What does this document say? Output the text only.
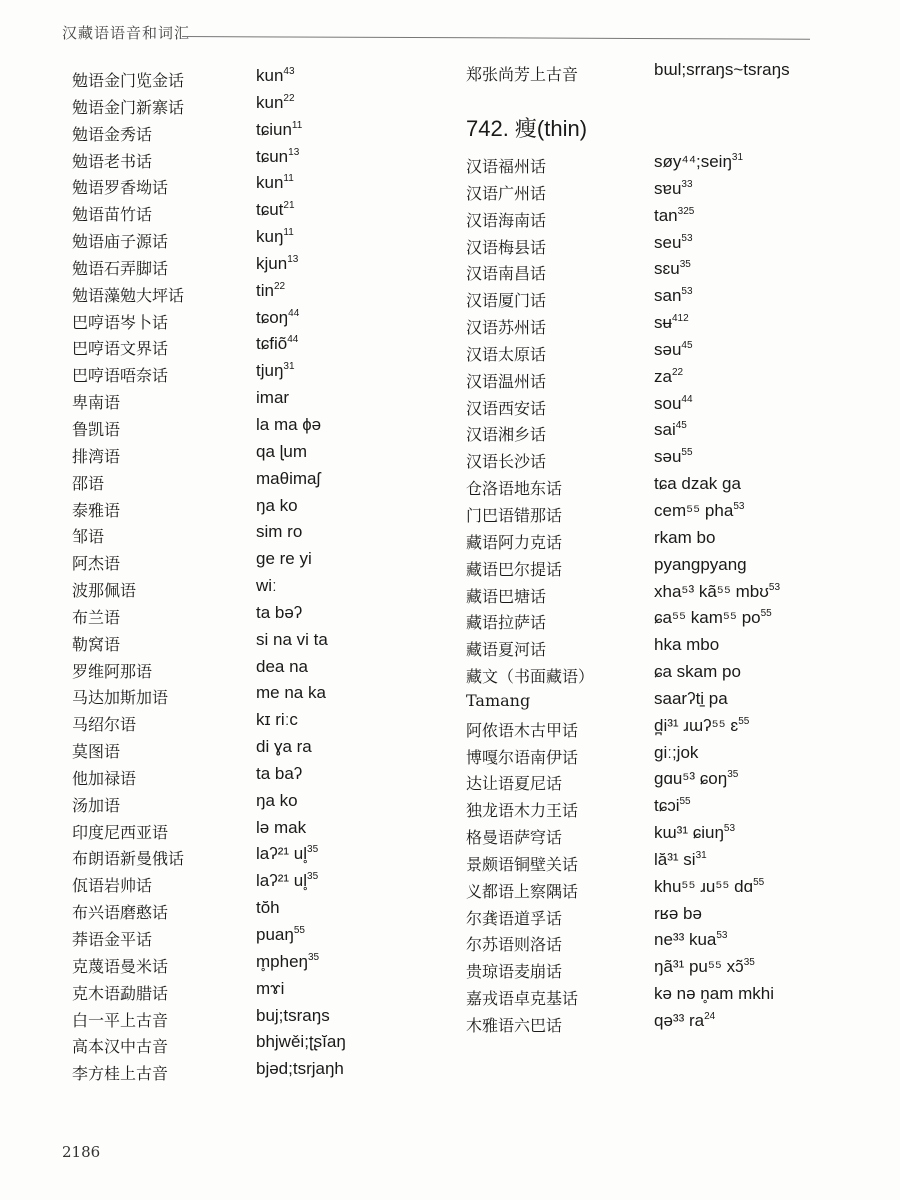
汉藏语语音和词汇
勉语金门览金话	kun$^{43}$
勉语金门新寨话	kun$^{22}$
勉语金秀话	tɕiun$^{11}$
勉语老书话	tɕun$^{13}$
勉语罗香坳话	kun$^{11}$
勉语苗竹话	tɕut$^{21}$
勉语庙子源话	kuŋ$^{11}$
勉语石弄脚话	kjun$^{13}$
勉语藻勉大坪话	tin$^{22}$
巴哼语岑卜话	tɕoŋ$^{44}$
巴哼语文界话	tɕfiõ$^{44}$
巴哼语唔奈话	tjuŋ$^{31}$
卑南语	imar
鲁凯语	la ma ɸə
排湾语	qa ɭum
邵语	maθimaʃ
泰雅语	ŋa ko
邹语	sim ro
阿杰语	ge re yi
波那佩语	wiː
布兰语	ta bəʔ
勒窝语	si na vi ta
罗维阿那语	dea na
马达加斯加语	me na ka
马绍尔语	kɪ riːc
莫图语	di ɣa ra
他加禄语	ta baʔ
汤加语	ŋa ko
印度尼西亚语	lə mak
布朗语新曼俄话	laʔ²¹ ul̥$^{35}$
佤语岩帅话	laʔ²¹ ul̥$^{35}$
布兴语磨憨话	tŏh
莽语金平话	puaŋ$^{55}$
克蔑语曼米话	m̥pheŋ$^{35}$
克木语勐腊话	mɤi
白一平上古音	buj;tsraŋs
高本汉中古音	bhjwěi;ʈʂĭaŋ
李方桂上古音	bjəd;tsrjaŋh
郑张尚芳上古音	bɯl;srraŋs~tsraŋs
742. 瘦(thin)
汉语福州话	søy⁴⁴;seiŋ$^{31}$
汉语广州话	sɐu$^{33}$
汉语海南话	$\tan^{325}$
汉语梅县话	seu$^{53}$
汉语南昌话	sɛu$^{35}$
汉语厦门话	san$^{53}$
汉语苏州话	sʉ$^{412}$
汉语太原话	səu$^{45}$
汉语温州话	$za^{22}$
汉语西安话	sou$^{44}$
汉语湘乡话	sai$^{45}$
汉语长沙话	səu$^{55}$
仓洛语地东话	tɕa dzak ga
门巴语错那话	cem⁵⁵ pha$^{53}$
藏语阿力克话	rkam bo
藏语巴尔提话	pyangpyang
藏语巴塘话	xha⁵³ kã⁵⁵ mbʊ$^{53}$
藏语拉萨话	ɕa⁵⁵ kam⁵⁵ $po^{55}$
藏语夏河话	hka mbo
藏文（书面藏语）	ɕa skam po
Tamang	saarʔti̠ pa
阿侬语木古甲话	d̪i³¹ ɹɯʔ⁵⁵ ɛ$^{55}$
博嘎尔语南伊话	giː;jok
达让语夏尼话	gɑu⁵³ ɕoŋ$^{35}$
独龙语木力王话	tɕɔi$^{55}$
格曼语萨穹话	kɯ³¹ ɕiuŋ$^{53}$
景颇语铜壁关话	lă³¹ $si^{31}$
义都语上察隅话	khu⁵⁵ ɹu⁵⁵ dɑ$^{55}$
尔龚语道孚话	rʁə bə
尔苏语则洛话	ne³³ kua$^{53}$
贵琼语麦崩话	ŋã³¹ pu⁵⁵ xɔ̃$^{35}$
嘉戎语卓克基话	kə nə n̥am mkhi
木雅语六巴话	qə³³ $ra^{24}$
2186
